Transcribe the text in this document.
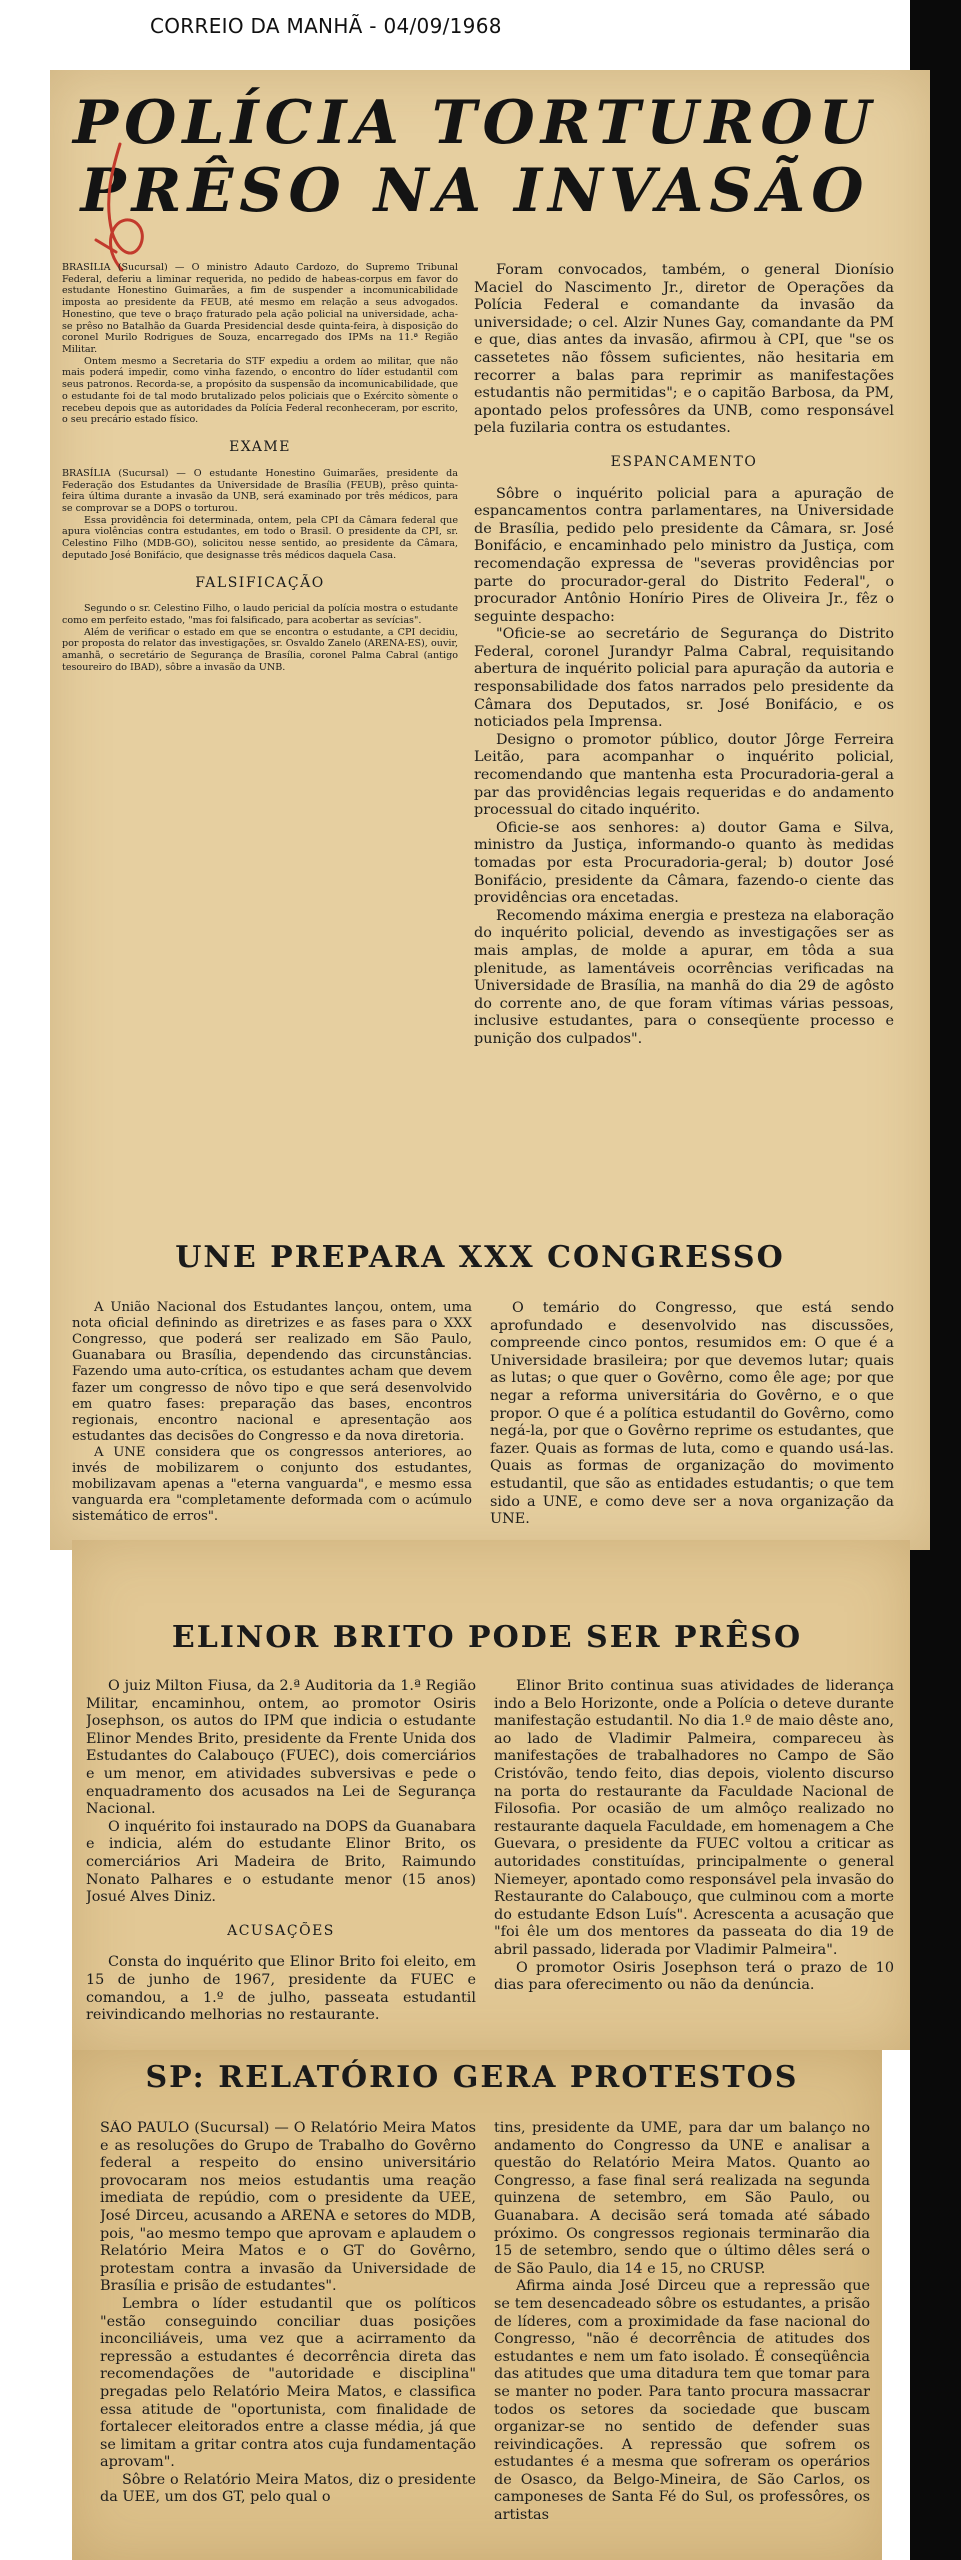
CORREIO DA MANHÃ - 04/09/1968
POLÍCIA TORTUROU
PRÊSO NA INVASÃO

BRASÍLIA (Sucursal) — O ministro Adauto Cardozo, do Supremo Tribunal Federal, deferiu a liminar requerida, no pedido de habeas-corpus em favor do estudante Honestino Guimarães, a fim de suspender a incomunicabilidade imposta ao presidente da FEUB, até mesmo em relação a seus advogados. Honestino, que teve o braço fraturado pela ação policial na universidade, acha-se prêso no Batalhão da Guarda Presidencial desde quinta-feira, à disposição do coronel Murilo Rodrigues de Souza, encarregado dos IPMs na 11.ª Região Militar.

Ontem mesmo a Secretaria do STF expediu a ordem ao militar, que não mais poderá impedir, como vinha fazendo, o encontro do líder estudantil com seus patronos. Recorda-se, a propósito da suspensão da incomunicabilidade, que o estudante foi de tal modo brutalizado pelos policiais que o Exército sòmente o recebeu depois que as autoridades da Polícia Federal reconheceram, por escrito, o seu precário estado físico.

EXAME

BRASÍLIA (Sucursal) — O estudante Honestino Guimarães, presidente da Federação dos Estudantes da Universidade de Brasília (FEUB), prêso quinta-feira última durante a invasão da UNB, será examinado por três médicos, para se comprovar se a DOPS o torturou.

Essa providência foi determinada, ontem, pela CPI da Câmara federal que apura violências contra estudantes, em todo o Brasil. O presidente da CPI, sr. Celestino Filho (MDB-GO), solicitou nesse sentido, ao presidente da Câmara, deputado José Bonifácio, que designasse três médicos daquela Casa.

FALSIFICAÇÃO

Segundo o sr. Celestino Filho, o laudo pericial da polícia mostra o estudante como em perfeito estado, "mas foi falsificado, para acobertar as sevícias".

Além de verificar o estado em que se encontra o estudante, a CPI decidiu, por proposta do relator das investigações, sr. Osvaldo Zanelo (ARENA-ES), ouvir, amanhã, o secretário de Segurança de Brasília, coronel Palma Cabral (antigo tesoureiro do IBAD), sôbre a invasão da UNB.

Foram convocados, também, o general Dionísio Maciel do Nascimento Jr., diretor de Operações da Polícia Federal e comandante da invasão da universidade; o cel. Alzir Nunes Gay, comandante da PM e que, dias antes da invasão, afirmou à CPI, que "se os cassetetes não fôssem suficientes, não hesitaria em recorrer a balas para reprimir as manifestações estudantis não permitidas"; e o capitão Barbosa, da PM, apontado pelos professôres da UNB, como responsável pela fuzilaria contra os estudantes.

ESPANCAMENTO

Sôbre o inquérito policial para a apuração de espancamentos contra parlamentares, na Universidade de Brasília, pedido pelo presidente da Câmara, sr. José Bonifácio, e encaminhado pelo ministro da Justiça, com recomendação expressa de "severas providências por parte do procurador-geral do Distrito Federal", o procurador Antônio Honírio Pires de Oliveira Jr., fêz o seguinte despacho:

"Oficie-se ao secretário de Segurança do Distrito Federal, coronel Jurandyr Palma Cabral, requisitando abertura de inquérito policial para apuração da autoria e responsabilidade dos fatos narrados pelo presidente da Câmara dos Deputados, sr. José Bonifácio, e os noticiados pela Imprensa.

Designo o promotor público, doutor Jôrge Ferreira Leitão, para acompanhar o inquérito policial, recomendando que mantenha esta Procuradoria-geral a par das providências legais requeridas e do andamento processual do citado inquérito.

Oficie-se aos senhores: a) doutor Gama e Silva, ministro da Justiça, informando-o quanto às medidas tomadas por esta Procuradoria-geral; b) doutor José Bonifácio, presidente da Câmara, fazendo-o ciente das providências ora encetadas.

Recomendo máxima energia e presteza na elaboração do inquérito policial, devendo as investigações ser as mais amplas, de molde a apurar, em tôda a sua plenitude, as lamentáveis ocorrências verificadas na Universidade de Brasília, na manhã do dia 29 de agôsto do corrente ano, de que foram vítimas várias pessoas, inclusive estudantes, para o conseqüente processo e punição dos culpados".

UNE PREPARA XXX CONGRESSO

A União Nacional dos Estudantes lançou, ontem, uma nota oficial definindo as diretrizes e as fases para o XXX Congresso, que poderá ser realizado em São Paulo, Guanabara ou Brasília, dependendo das circunstâncias. Fazendo uma auto-crítica, os estudantes acham que devem fazer um congresso de nôvo tipo e que será desenvolvido em quatro fases: preparação das bases, encontros regionais, encontro nacional e apresentação aos estudantes das decisões do Congresso e da nova diretoria.

A UNE considera que os congressos anteriores, ao invés de mobilizarem o conjunto dos estudantes, mobilizavam apenas a "eterna vanguarda", e mesmo essa vanguarda era "completamente deformada com o acúmulo sistemático de erros".

O temário do Congresso, que está sendo aprofundado e desenvolvido nas discussões, compreende cinco pontos, resumidos em: O que é a Universidade brasileira; por que devemos lutar; quais as lutas; o que quer o Govêrno, como êle age; por que negar a reforma universitária do Govêrno, e o que propor. O que é a política estudantil do Govêrno, como negá-la, por que o Govêrno reprime os estudantes, que fazer. Quais as formas de luta, como e quando usá-las. Quais as formas de organização do movimento estudantil, que são as entidades estudantis; o que tem sido a UNE, e como deve ser a nova organização da UNE.

ELINOR BRITO PODE SER PRÊSO

O juiz Milton Fiusa, da 2.ª Auditoria da 1.ª Região Militar, encaminhou, ontem, ao promotor Osiris Josephson, os autos do IPM que indicia o estudante Elinor Mendes Brito, presidente da Frente Unida dos Estudantes do Calabouço (FUEC), dois comerciários e um menor, em atividades subversivas e pede o enquadramento dos acusados na Lei de Segurança Nacional.

O inquérito foi instaurado na DOPS da Guanabara e indicia, além do estudante Elinor Brito, os comerciários Ari Madeira de Brito, Raimundo Nonato Palhares e o estudante menor (15 anos) Josué Alves Diniz.

ACUSAÇÕES

Consta do inquérito que Elinor Brito foi eleito, em 15 de junho de 1967, presidente da FUEC e comandou, a 1.º de julho, passeata estudantil reivindicando melhorias no restaurante.

Elinor Brito continua suas atividades de liderança indo a Belo Horizonte, onde a Polícia o deteve durante manifestação estudantil. No dia 1.º de maio dêste ano, ao lado de Vladimir Palmeira, compareceu às manifestações de trabalhadores no Campo de São Cristóvão, tendo feito, dias depois, violento discurso na porta do restaurante da Faculdade Nacional de Filosofia. Por ocasião de um almôço realizado no restaurante daquela Faculdade, em homenagem a Che Guevara, o presidente da FUEC voltou a criticar as autoridades constituídas, principalmente o general Niemeyer, apontado como responsável pela invasão do Restaurante do Calabouço, que culminou com a morte do estudante Edson Luís". Acrescenta a acusação que "foi êle um dos mentores da passeata do dia 19 de abril passado, liderada por Vladimir Palmeira".

O promotor Osiris Josephson terá o prazo de 10 dias para oferecimento ou não da denúncia.

SP: RELATÓRIO GERA PROTESTOS

SÃO PAULO (Sucursal) — O Relatório Meira Matos e as resoluções do Grupo de Trabalho do Govêrno federal a respeito do ensino universitário provocaram nos meios estudantis uma reação imediata de repúdio, com o presidente da UEE, José Dirceu, acusando a ARENA e setores do MDB, pois, "ao mesmo tempo que aprovam e aplaudem o Relatório Meira Matos e o GT do Govêrno, protestam contra a invasão da Universidade de Brasília e prisão de estudantes".

Lembra o líder estudantil que os políticos "estão conseguindo conciliar duas posições inconciliáveis, uma vez que a acirramento da repressão a estudantes é decorrência direta das recomendações de "autoridade e disciplina" pregadas pelo Relatório Meira Matos, e classifica essa atitude de "oportunista, com finalidade de fortalecer eleitorados entre a classe média, já que se limitam a gritar contra atos cuja fundamentação aprovam".

Sôbre o Relatório Meira Matos, diz o presidente da UEE, um dos GT, pelo qual o

tins, presidente da UME, para dar um balanço no andamento do Congresso da UNE e analisar a questão do Relatório Meira Matos. Quanto ao Congresso, a fase final será realizada na segunda quinzena de setembro, em São Paulo, ou Guanabara. A decisão será tomada até sábado próximo. Os congressos regionais terminarão dia 15 de setembro, sendo que o último dêles será o de São Paulo, dia 14 e 15, no CRUSP.

Afirma ainda José Dirceu que a repressão que se tem desencadeado sôbre os estudantes, a prisão de líderes, com a proximidade da fase nacional do Congresso, "não é decorrência de atitudes dos estudantes e nem um fato isolado. É conseqüência das atitudes que uma ditadura tem que tomar para se manter no poder. Para tanto procura massacrar todos os setores da sociedade que buscam organizar-se no sentido de defender suas reivindicações. A repressão que sofrem os estudantes é a mesma que sofreram os operários de Osasco, da Belgo-Mineira, de São Carlos, os camponeses de Santa Fé do Sul, os professôres, os artistas
